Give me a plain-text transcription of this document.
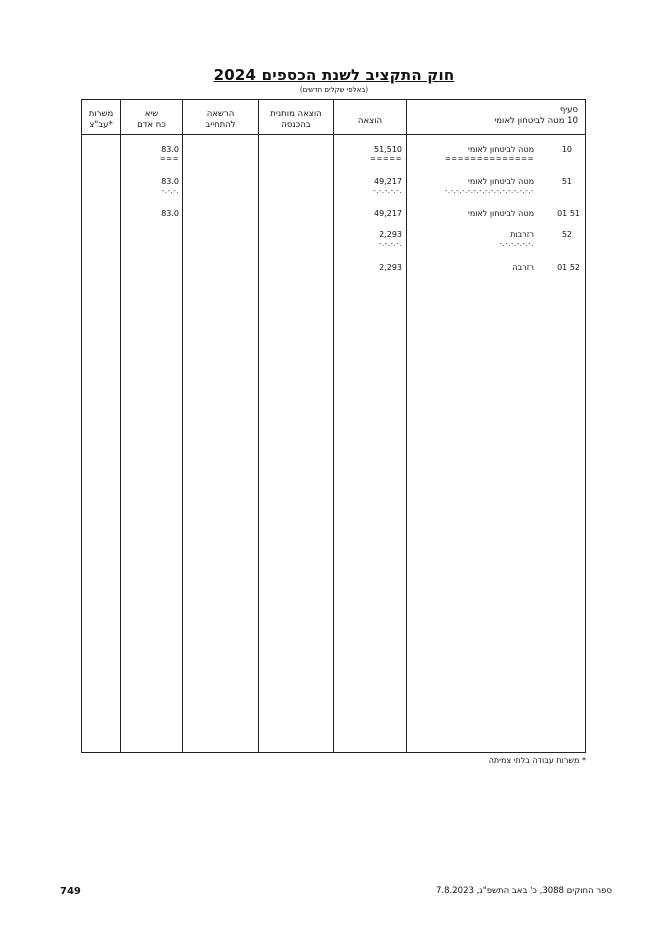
חוק התקציב לשנת הכספים 2024
(באלפי שקלים חדשים)
סעיף
10 מטה לביטחון לאומי
הוצאה
הוצאה מותנית
בהכנסה
הרשאה
להתחייב
שיא
כח אדם
משרות
עב"צ*
10
מטה לביטחון לאומי
==============
51,510
=====
83.0
===
51
מטה לביטחון לאומי
-.-.-.-.-.-.-.-.-.-.-.-.-.-.-.-
49,217
-.-.-.-.-.
83.0
-.-.-.
51 01
מטה לביטחון לאומי
49,217
83.0
52
רזרבות
-.-.-.-.-.-.
2,293
-.-.-.-.
52 01
רזרבה
2,293
* משרות עבודה בלתי צמיתה
749	ספר החוקים 3088, כ' באב התשפ"ג, 7.8.2023
